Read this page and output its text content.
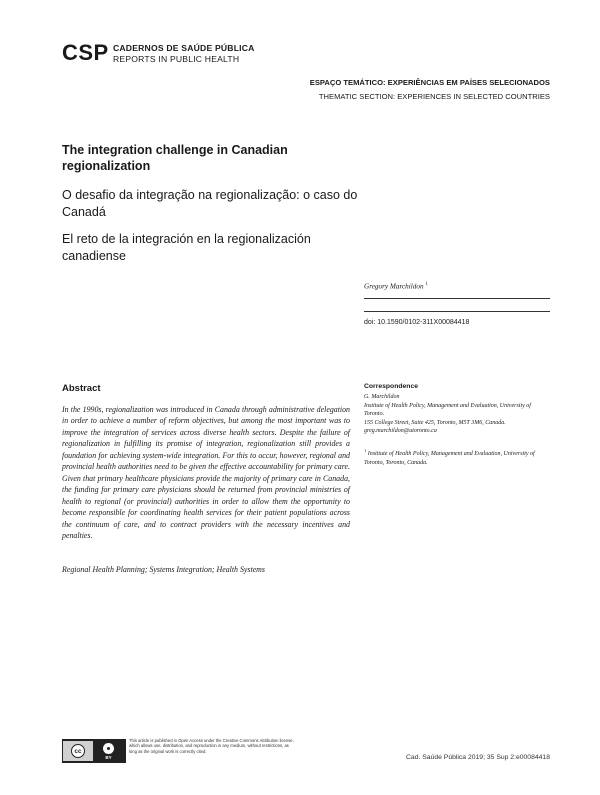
CSP CADERNOS DE SAÚDE PÚBLICA
REPORTS IN PUBLIC HEALTH
ESPAÇO TEMÁTICO: EXPERIÊNCIAS EM PAÍSES SELECIONADOS
THEMATIC SECTION: EXPERIENCES IN SELECTED COUNTRIES
The integration challenge in Canadian regionalization
O desafio da integração na regionalização: o caso do Canadá
El reto de la integración en la regionalización canadiense
Gregory Marchildon $^1$
doi: 10.1590/0102-311X00084418
Abstract
In the 1990s, regionalization was introduced in Canada through administrative delegation in order to achieve a number of reform objectives, but among the most important was to improve the integration of services across diverse health sectors. Despite the failure of regionalization in fulfilling its promise of integration, regionalization still provides a foundation for achieving system-wide integration. For this to occur, however, regional and provincial health authorities need to be given the effective accountability for primary care. Given that primary healthcare physicians provide the majority of primary care in Canada, the funding for primary care physicians should be returned from provincial ministries of health to regional (or provincial) authorities in order to allow them the opportunity to become responsible for coordinating health services for their patient populations across the continuum of care, and to contract providers with the necessary incentives and penalties.
Regional Health Planning; Systems Integration; Health Systems
Correspondence
G. Marchildon
Institute of Health Policy, Management and Evaluation, University of Toronto.
155 College Street, Suite 425, Toronto, M5T 3M6, Canada.
greg.marchildon@utoronto.ca
$^1$ Institute of Health Policy, Management and Evaluation, University of Toronto, Toronto, Canada.
cc
BY
This article is published in Open Access under the Creative Commons Attribution license, which allows use, distribution, and reproduction in any medium, without restrictions, as long as the original work is correctly cited.
Cad. Saúde Pública 2019; 35 Sup 2:e00084418
